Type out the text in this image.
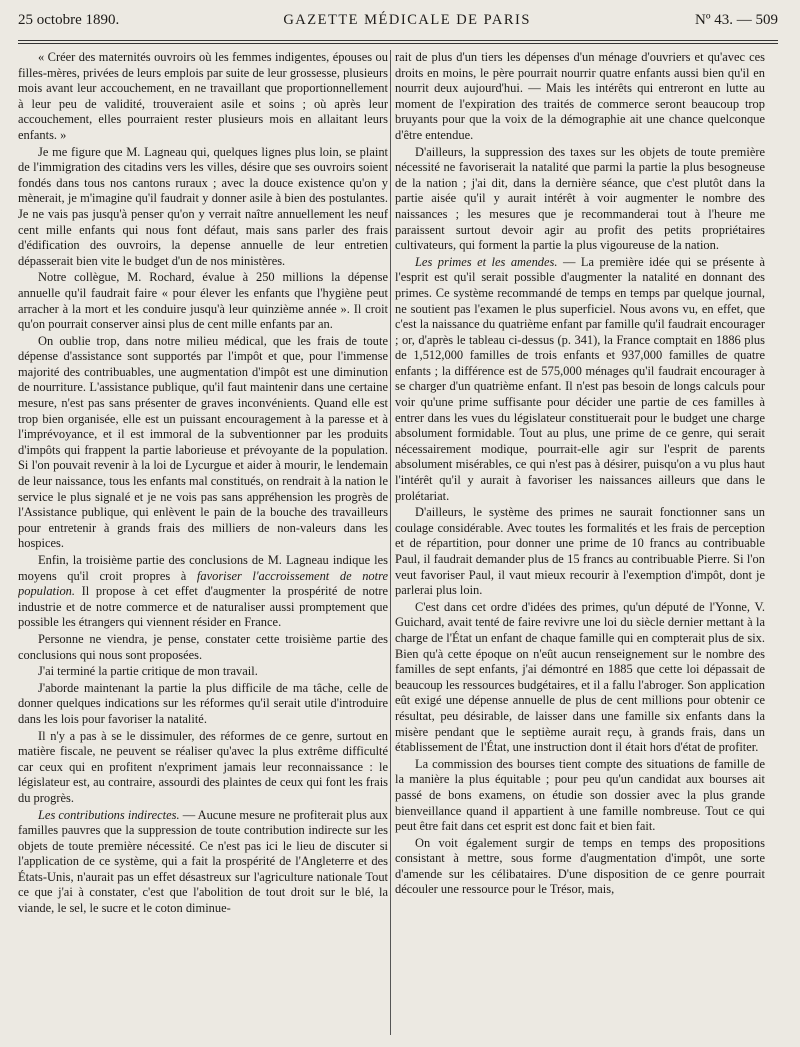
25 octobre 1890.	GAZETTE MÉDICALE DE PARIS	Nº 43. — 509

« Créer des maternités ouvroirs où les femmes indigentes, épouses ou filles-mères, privées de leurs emplois par suite de leur grossesse, plusieurs mois avant leur accouchement, en ne travaillant que proportionnellement à leur peu de validité, trouveraient asile et soins ; où après leur accouchement, elles pourraient rester plusieurs mois en allaitant leurs enfants. »

Je me figure que M. Lagneau qui, quelques lignes plus loin, se plaint de l'immigration des citadins vers les villes, désire que ses ouvroirs soient fondés dans tous nos cantons ruraux ; avec la douce existence qu'on y mènerait, je m'imagine qu'il faudrait y donner asile à bien des postulantes. Je ne vais pas jusqu'à penser qu'on y verrait naître annuellement les neuf cent mille enfants qui nous font défaut, mais sans parler des frais d'édification des ouvroirs, la depense annuelle de leur entretien dépasserait bien vite le budget d'un de nos ministères.

Notre collègue, M. Rochard, évalue à 250 millions la dépense annuelle qu'il faudrait faire « pour élever les enfants que l'hygiène peut arracher à la mort et les conduire jusqu'à leur quinzième année ». Il croit qu'on pourrait conserver ainsi plus de cent mille enfants par an.

On oublie trop, dans notre milieu médical, que les frais de toute dépense d'assistance sont supportés par l'impôt et que, pour l'immense majorité des contribuables, une augmentation d'impôt est une diminution de nourriture. L'assistance publique, qu'il faut maintenir dans une certaine mesure, n'est pas sans présenter de graves inconvénients. Quand elle est trop bien organisée, elle est un puissant encouragement à la paresse et à l'imprévoyance, et il est immoral de la subventionner par les produits d'impôts qui frappent la partie laborieuse et prévoyante de la population. Si l'on pouvait revenir à la loi de Lycurgue et aider à mourir, le lendemain de leur naissance, tous les enfants mal constitués, on rendrait à la nation le service le plus signalé et je ne vois pas sans appréhension les progrès de l'Assistance publique, qui enlèvent le pain de la bouche des travailleurs pour entretenir à grands frais des milliers de non-valeurs dans les hospices.

Enfin, la troisième partie des conclusions de M. Lagneau indique les moyens qu'il croit propres à favoriser l'accroissement de notre population. Il propose à cet effet d'augmenter la prospérité de notre industrie et de notre commerce et de naturaliser aussi promptement que possible les étrangers qui viennent résider en France.

Personne ne viendra, je pense, constater cette troisième partie des conclusions qui nous sont proposées.

J'ai terminé la partie critique de mon travail.

J'aborde maintenant la partie la plus difficile de ma tâche, celle de donner quelques indications sur les réformes qu'il serait utile d'introduire dans les lois pour favoriser la natalité.

Il n'y a pas à se le dissimuler, des réformes de ce genre, surtout en matière fiscale, ne peuvent se réaliser qu'avec la plus extrême difficulté car ceux qui en profitent n'expriment jamais leur reconnaissance : le législateur est, au contraire, assourdi des plaintes de ceux qui font les frais du progrès.

Les contributions indirectes. — Aucune mesure ne profiterait plus aux familles pauvres que la suppression de toute contribution indirecte sur les objets de toute première nécessité. Ce n'est pas ici le lieu de discuter si l'application de ce système, qui a fait la prospérité de l'Angleterre et des États-Unis, n'aurait pas un effet désastreux sur l'agriculture nationale Tout ce que j'ai à constater, c'est que l'abolition de tout droit sur le blé, la viande, le sel, le sucre et le coton diminue-

rait de plus d'un tiers les dépenses d'un ménage d'ouvriers et qu'avec ces droits en moins, le père pourrait nourrir quatre enfants aussi bien qu'il en nourrit deux aujourd'hui. — Mais les intérêts qui entreront en lutte au moment de l'expiration des traités de commerce seront beaucoup trop bruyants pour que la voix de la démographie ait une chance quelconque d'être entendue.

D'ailleurs, la suppression des taxes sur les objets de toute première nécessité ne favoriserait la natalité que parmi la partie la plus besogneuse de la nation ; j'ai dit, dans la dernière séance, que c'est plutôt dans la partie aisée qu'il y aurait intérêt à voir augmenter le nombre des naissances ; les mesures que je recommanderai tout à l'heure me paraissent surtout devoir agir au profit des petits propriétaires cultivateurs, qui forment la partie la plus vigoureuse de la nation.

Les primes et les amendes. — La première idée qui se présente à l'esprit est qu'il serait possible d'augmenter la natalité en donnant des primes. Ce système recommandé de temps en temps par quelque journal, ne soutient pas l'examen le plus superficiel. Nous avons vu, en effet, que c'est la naissance du quatrième enfant par famille qu'il faudrait encourager ; or, d'après le tableau ci-dessus (p. 341), la France comptait en 1886 plus de 1,512,000 familles de trois enfants et 937,000 familles de quatre enfants ; la différence est de 575,000 ménages qu'il faudrait encourager à se charger d'un quatrième enfant. Il n'est pas besoin de longs calculs pour voir qu'une prime suffisante pour décider une partie de ces familles à entrer dans les vues du législateur constituerait pour le budget une charge absolument formidable. Tout au plus, une prime de ce genre, qui serait nécessairement modique, pourrait-elle agir sur l'esprit de parents absolument misérables, ce qui n'est pas à désirer, puisqu'on a vu plus haut l'intérêt qu'il y aurait à favoriser les naissances ailleurs que dans le prolétariat.

D'ailleurs, le système des primes ne saurait fonctionner sans un coulage considérable. Avec toutes les formalités et les frais de perception et de répartition, pour donner une prime de 10 francs au contribuable Paul, il faudrait demander plus de 15 francs au contribuable Pierre. Si l'on veut favoriser Paul, il vaut mieux recourir à l'exemption d'impôt, dont je parlerai plus loin.

C'est dans cet ordre d'idées des primes, qu'un député de l'Yonne, V. Guichard, avait tenté de faire revivre une loi du siècle dernier mettant à la charge de l'État un enfant de chaque famille qui en compterait plus de six. Bien qu'à cette époque on n'eût aucun renseignement sur le nombre des familles de sept enfants, j'ai démontré en 1885 que cette loi dépassait de beaucoup les ressources budgétaires, et il a fallu l'abroger. Son application eût exigé une dépense annuelle de plus de cent millions pour obtenir ce résultat, peu désirable, de laisser dans une famille six enfants dans la misère pendant que le septième aurait reçu, à grands frais, dans un établissement de l'État, une instruction dont il était hors d'état de profiter.

La commission des bourses tient compte des situations de famille de la manière la plus équitable ; pour peu qu'un candidat aux bourses ait passé de bons examens, on étudie son dossier avec la plus grande bienveillance quand il appartient à une famille nombreuse. Tout ce qui peut être fait dans cet esprit est donc fait et bien fait.

On voit également surgir de temps en temps des propositions consistant à mettre, sous forme d'augmentation d'impôt, une sorte d'amende sur les célibataires. D'une disposition de ce genre pourrait découler une ressource pour le Trésor, mais,
